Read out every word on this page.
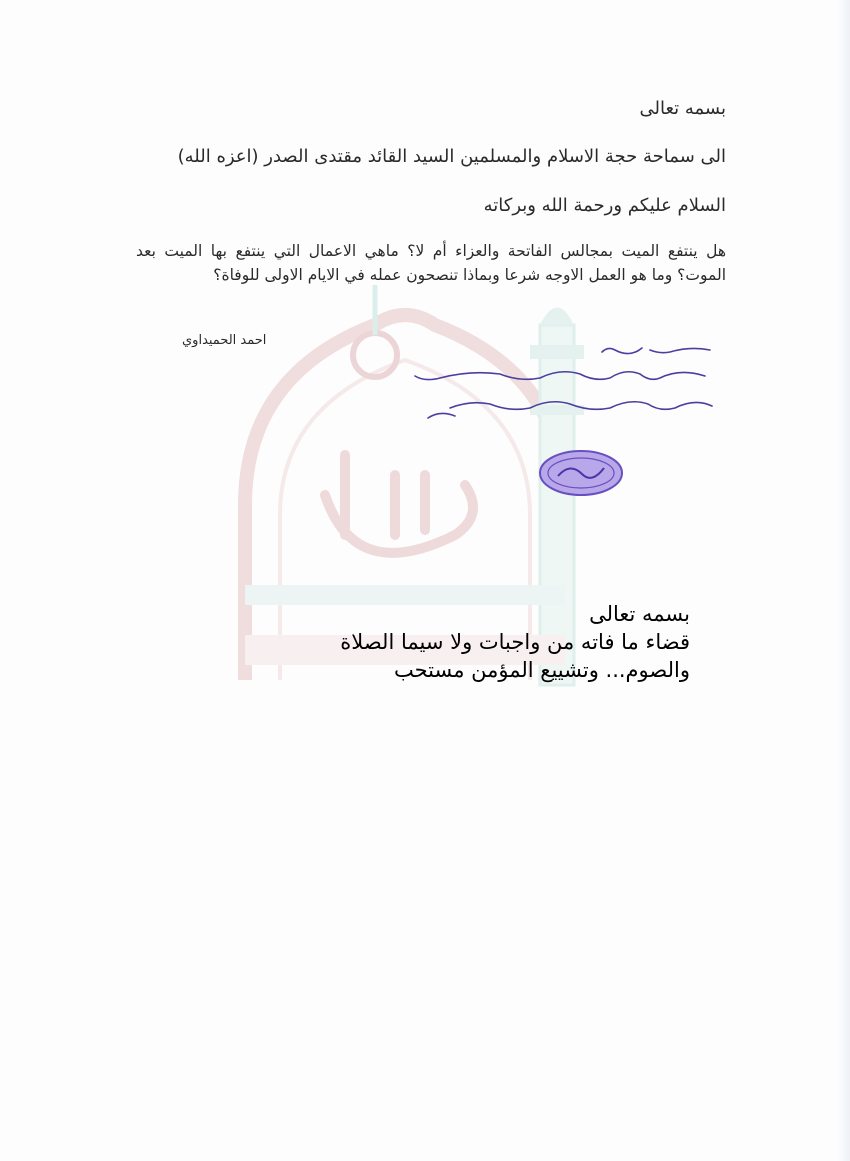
بسمه تعالى
الى سماحة حجة الاسلام والمسلمين السيد القائد مقتدى الصدر (اعزه الله)
السلام عليكم ورحمة الله وبركاته
هل ينتفع الميت بمجالس الفاتحة والعزاء أم لا؟ ماهي الاعمال التي ينتفع بها الميت بعد الموت؟ وما هو العمل الاوجه شرعا وبماذا تنصحون عمله في الايام الاولى للوفاة؟
احمد الحميداوي
بسمه تعالى
قضاء ما فاته من واجبات ولا سيما الصلاة
والصوم... وتشييع المؤمن مستحب
